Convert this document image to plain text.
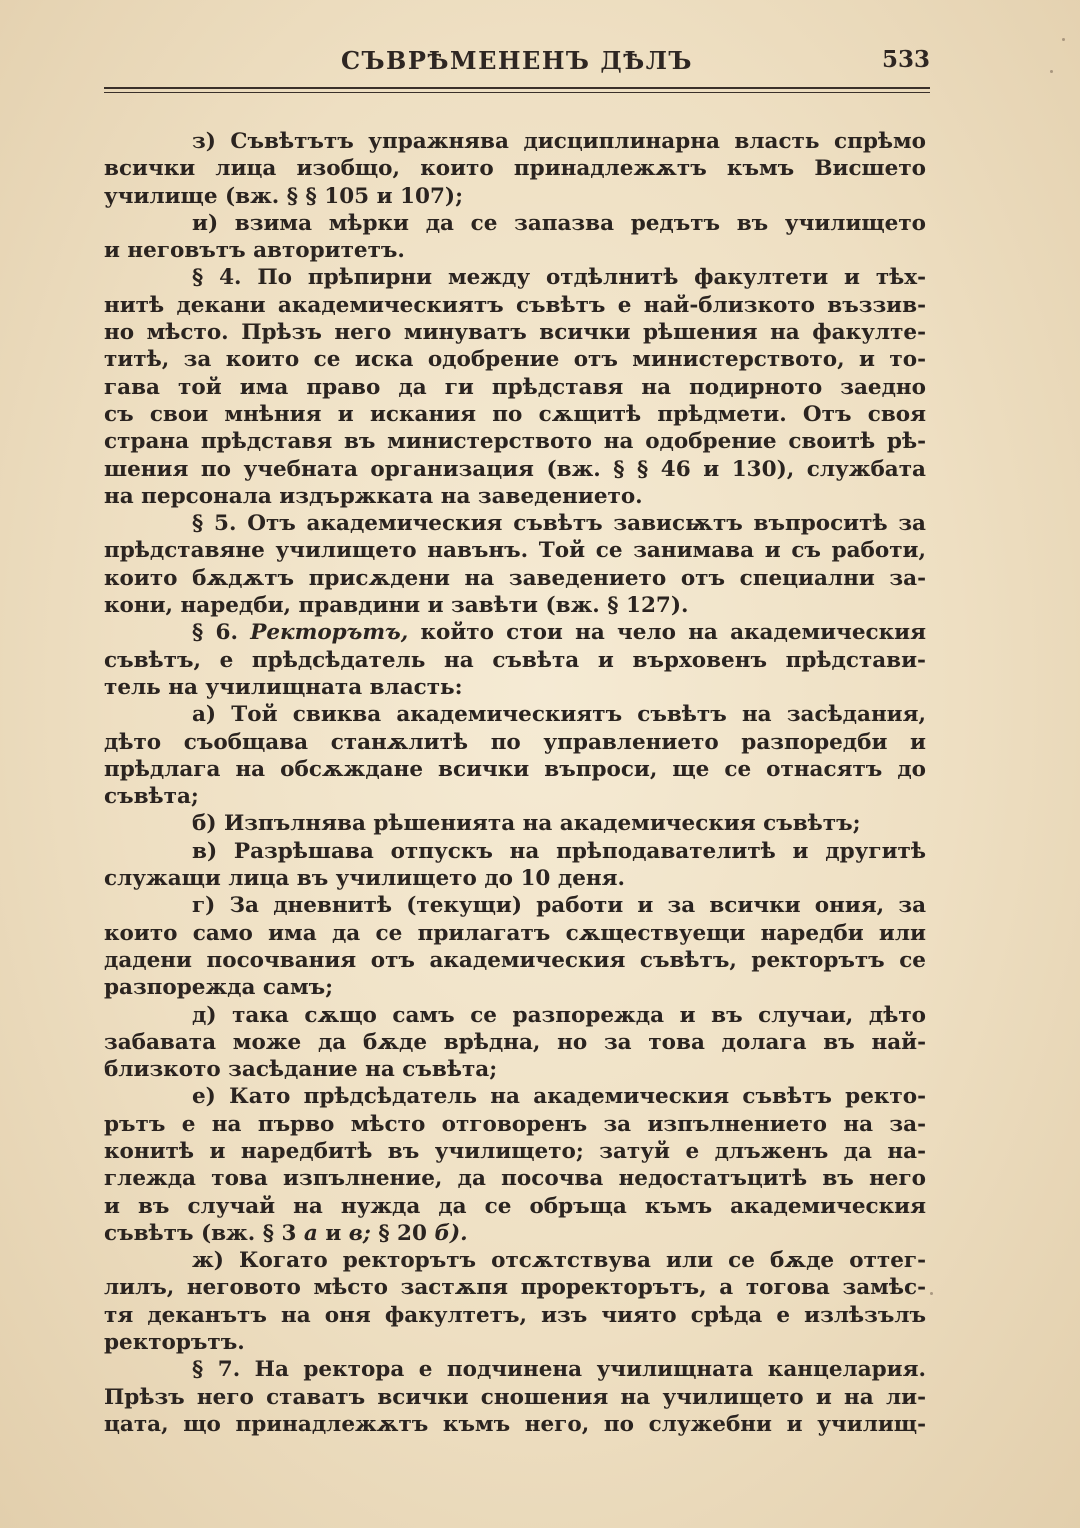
СЪВРѢМЕНЕНЪ ДѢЛЪ	533
з) Съвѣтътъ упражнява дисциплинарна власть спрѣмо
всички лица изобщо, които принадлежѫтъ къмъ Висшето
училище (вж. § § 105 и 107);
и) взима мѣрки да се запазва редътъ въ училището
и неговътъ авторитетъ.
§ 4. По прѣпирни между отдѣлнитѣ факултети и тѣх-
нитѣ декани академическиятъ съвѣтъ е най-близкото въззив-
но мѣсто. Прѣзъ него минуватъ всички рѣшения на факулте-
титѣ, за които се иска одобрение отъ министерството, и то-
гава той има право да ги прѣдставя на подирното заедно
съ свои мнѣния и искания по сѫщитѣ прѣдмети. Отъ своя
страна прѣдставя въ министерството на одобрение своитѣ рѣ-
шения по учебната организация (вж. § § 46 и 130), службата
на персонала издържката на заведението.
§ 5. Отъ академическия съвѣтъ зависѭтъ въпроситѣ за
прѣдставяне училището навънъ. Той се занимава и съ работи,
които бѫдѫтъ присѫдени на заведението отъ специални за-
кони, наредби, правдини и завѣти (вж. § 127).
§ 6. Ректорътъ, който стои на чело на академическия
съвѣтъ, е прѣдсѣдатель на съвѣта и върховенъ прѣдстави-
тель на училищната власть:
а) Той свиква академическиятъ съвѣтъ на засѣдания,
дѣто съобщава станѫлитѣ по управлението разпоредби и
прѣдлага на обсѫждане всички въпроси, ще се отнасятъ до
съвѣта;
б) Изпълнява рѣшенията на академическия съвѣтъ;
в) Разрѣшава отпускъ на прѣподавателитѣ и другитѣ
служащи лица въ училището до 10 деня.
г) За дневнитѣ (текущи) работи и за всички ония, за
които само има да се прилагатъ сѫществуещи наредби или
дадени посочвания отъ академическия съвѣтъ, ректорътъ се
разпорежда самъ;
д) така сѫщо самъ се разпорежда и въ случаи, дѣто
забавата може да бѫде врѣдна, но за това долага въ най-
близкото засѣдание на съвѣта;
е) Като прѣдсѣдатель на академическия съвѣтъ ректо-
рътъ е на първо мѣсто отговоренъ за изпълнението на за-
конитѣ и наредбитѣ въ училището; затуй е длъженъ да на-
глежда това изпълнение, да посочва недостатъцитѣ въ него
и въ случай на нужда да се обръща къмъ академическия
съвѣтъ (вж. § 3 а и в; § 20 б).
ж) Когато ректорътъ отсѫтствува или се бѫде оттег-
лилъ, неговото мѣсто застѫпя проректорътъ, а тогова замѣс-
тя деканътъ на оня факултетъ, изъ чиято срѣда е излѣзълъ
ректорътъ.
§ 7. На ректора е подчинена училищната канцелария.
Прѣзъ него ставатъ всички сношения на училището и на ли-
цата, що принадлежѫтъ къмъ него, по служебни и училищ-
